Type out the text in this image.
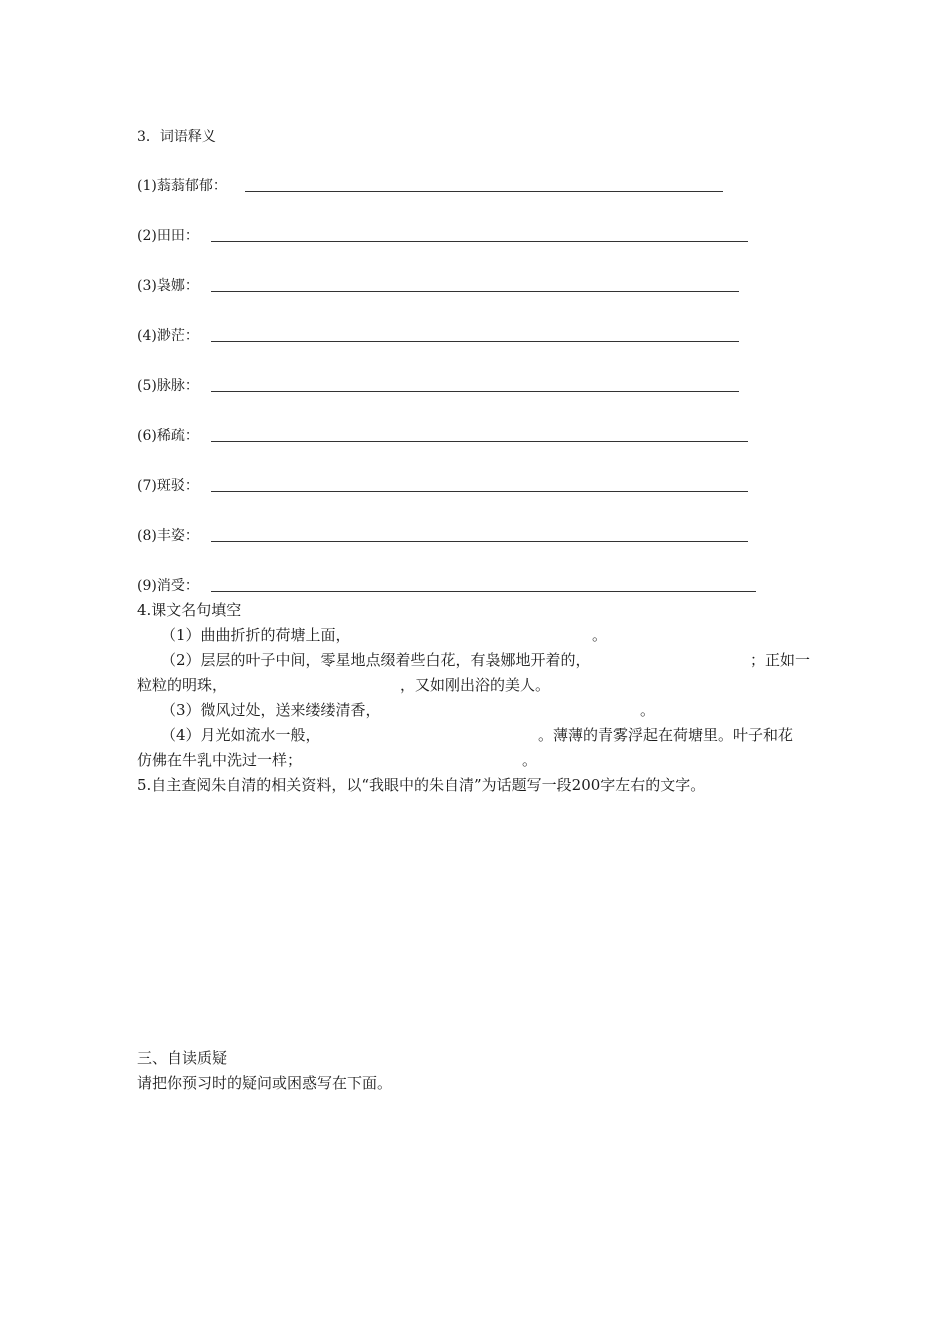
3．词语释义
(1)蓊蓊郁郁：
(2)田田：
(3)袅娜：
(4)渺茫：
(5)脉脉：
(6)稀疏：
(7)斑驳：
(8)丰姿：
(9)消受：
4.课文名句填空
（1）曲曲折折的荷塘上面，	。
（2）层层的叶子中间，零星地点缀着些白花，有袅娜地开着的，	；正如一
粒粒的明珠，	，又如刚出浴的美人。
（3）微风过处，送来缕缕清香，	。
（4）月光如流水一般，	。薄薄的青雾浮起在荷塘里。叶子和花
仿佛在牛乳中洗过一样；	。
5.自主查阅朱自清的相关资料，以“我眼中的朱自清”为话题写一段200字左右的文字。
三、自读质疑
请把你预习时的疑问或困惑写在下面。
